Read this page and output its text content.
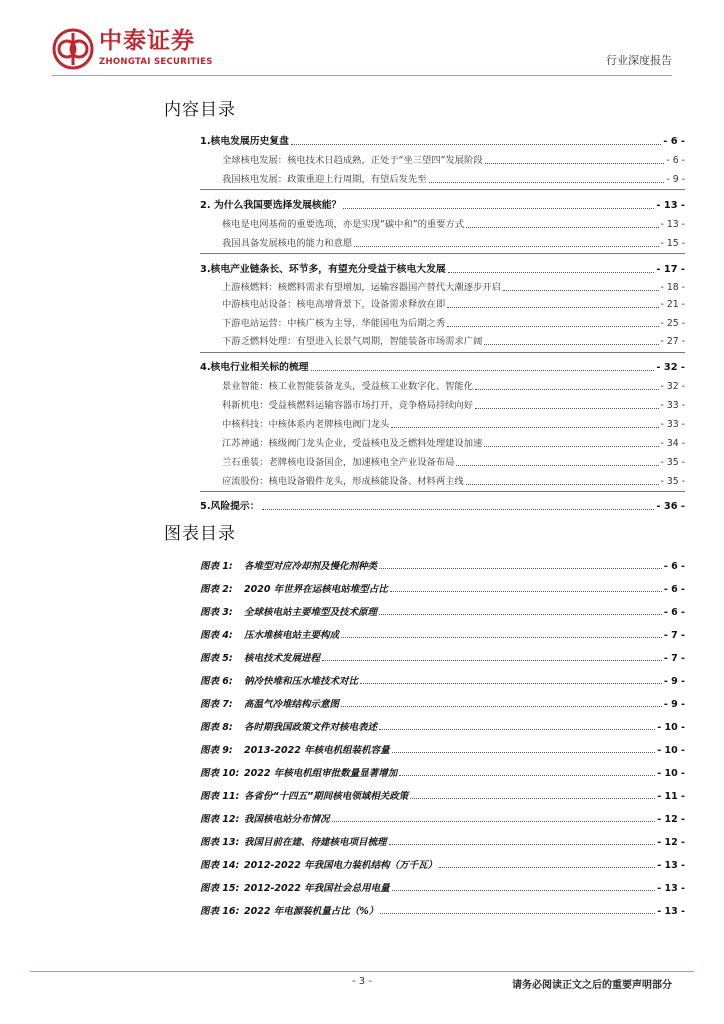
中泰证券
ZHONGTAI SECURITIES	行业深度报告
内容目录
1.核电发展历史复盘	- 6 -
全球核电发展：核电技术日趋成熟，正处于“坐三望四”发展阶段	- 6 -
我国核电发展：政策重迎上行周期，有望后发先至	- 9 -
2. 为什么我国要选择发展核能？	- 13 -
核电是电网基荷的重要选项，亦是实现“碳中和”的重要方式	- 13 -
我国具备发展核电的能力和意愿	- 15 -
3.核电产业链条长、环节多，有望充分受益于核电大发展	- 17 -
上游核燃料：核燃料需求有望增加，运输容器国产替代大潮逐步开启	- 18 -
中游核电站设备：核电高增背景下，设备需求释放在即	- 21 -
下游电站运营：中核广核为主导，华能国电为后期之秀	- 25 -
下游乏燃料处理：有望进入长景气周期，智能装备市场需求广阔	- 27 -
4.核电行业相关标的梳理	- 32 -
景业智能：核工业智能装备龙头，受益核工业数字化、智能化	- 32 -
科新机电：受益核燃料运输容器市场打开，竞争格局持续向好	- 33 -
中核科技：中核体系内老牌核电阀门龙头	- 33 -
江苏神通：核级阀门龙头企业，受益核电及乏燃料处理建设加速	- 34 -
兰石重装：老牌核电设备国企，加速核电全产业设备布局	- 35 -
应流股份：核电设备锻件龙头，形成核能设备、材料两主线	- 35 -
5.风险提示：	- 36 -
图表目录
图表 1:	各堆型对应冷却剂及慢化剂种类	- 6 -
图表 2:	2020 年世界在运核电站堆型占比	- 6 -
图表 3:	全球核电站主要堆型及技术原理	- 6 -
图表 4:	压水堆核电站主要构成	- 7 -
图表 5:	核电技术发展进程	- 7 -
图表 6:	钠冷快堆和压水堆技术对比	- 9 -
图表 7:	高温气冷堆结构示意图	- 9 -
图表 8:	各时期我国政策文件对核电表述	- 10 -
图表 9:	2013-2022 年核电机组装机容量	- 10 -
图表 10: 2022 年核电机组审批数量显著增加	- 10 -
图表 11: 各省份“十四五”期间核电领域相关政策	- 11 -
图表 12: 我国核电站分布情况	- 12 -
图表 13: 我国目前在建、待建核电项目梳理	- 12 -
图表 14: 2012-2022 年我国电力装机结构（万千瓦）	- 13 -
图表 15: 2012-2022 年我国社会总用电量	- 13 -
图表 16: 2022 年电源装机量占比（%）	- 13 -
- 3 -	请务必阅读正文之后的重要声明部分
